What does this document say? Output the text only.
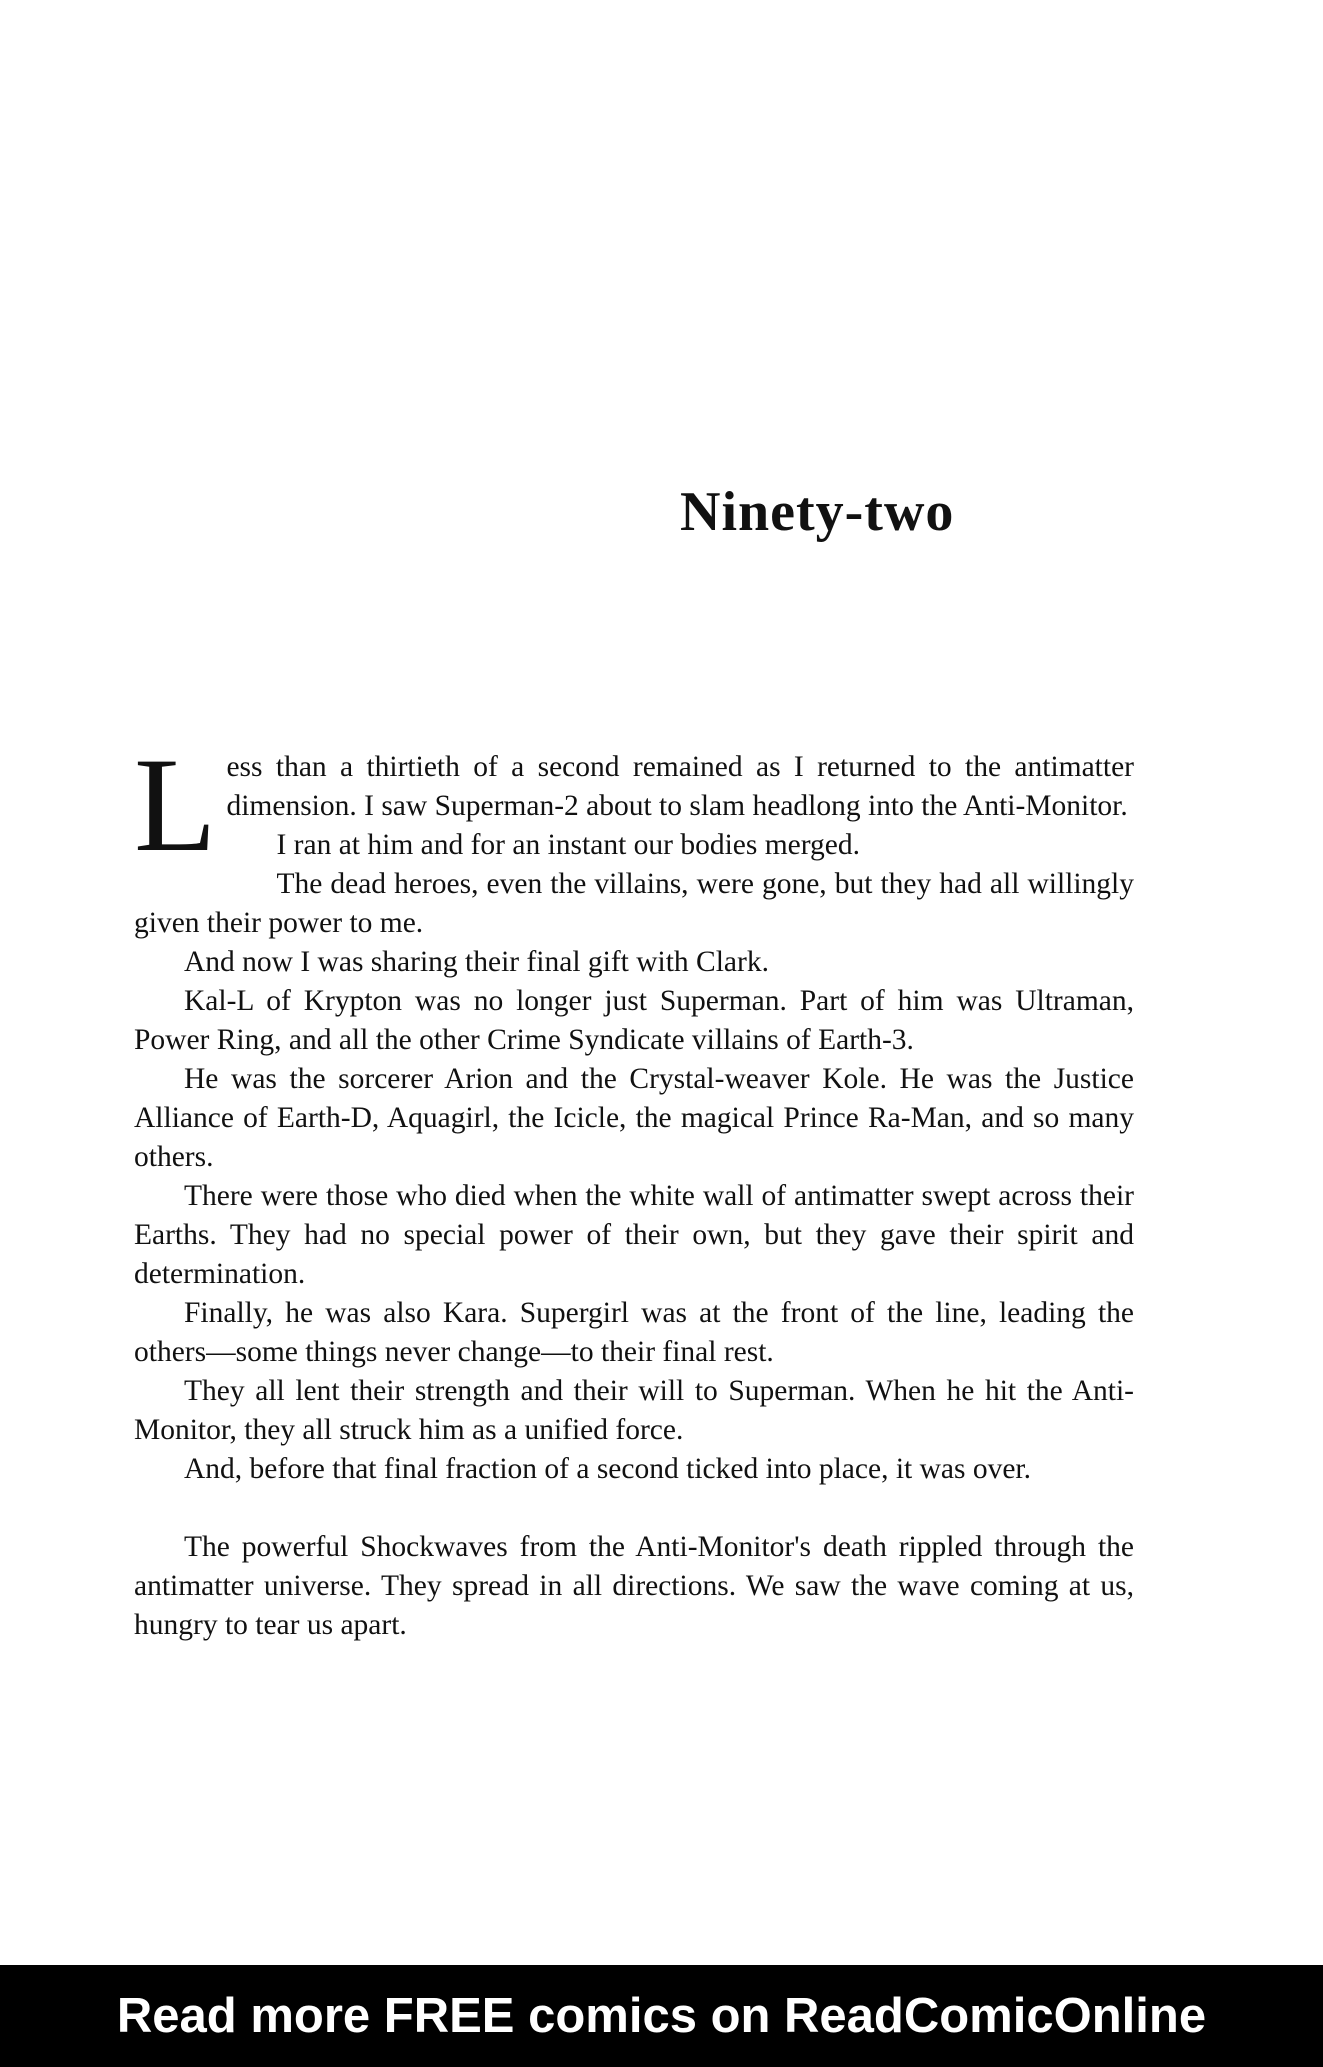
Ninety-two

Less than a thirtieth of a second remained as I returned to the antimatter dimension. I saw Superman-2 about to slam headlong into the Anti-Monitor.

I ran at him and for an instant our bodies merged.

The dead heroes, even the villains, were gone, but they had all willingly given their power to me.

And now I was sharing their final gift with Clark.

Kal-L of Krypton was no longer just Superman. Part of him was Ultraman, Power Ring, and all the other Crime Syndicate villains of Earth-3.

He was the sorcerer Arion and the Crystal-weaver Kole. He was the Justice Alliance of Earth-D, Aquagirl, the Icicle, the magical Prince Ra-Man, and so many others.

There were those who died when the white wall of antimatter swept across their Earths. They had no special power of their own, but they gave their spirit and determination.

Finally, he was also Kara. Supergirl was at the front of the line, leading the others—some things never change—to their final rest.

They all lent their strength and their will to Superman. When he hit the Anti-Monitor, they all struck him as a unified force.

And, before that final fraction of a second ticked into place, it was over.

The powerful Shockwaves from the Anti-Monitor's death rippled through the antimatter universe. They spread in all directions. We saw the wave coming at us, hungry to tear us apart.

Read more FREE comics on ReadComicOnline
